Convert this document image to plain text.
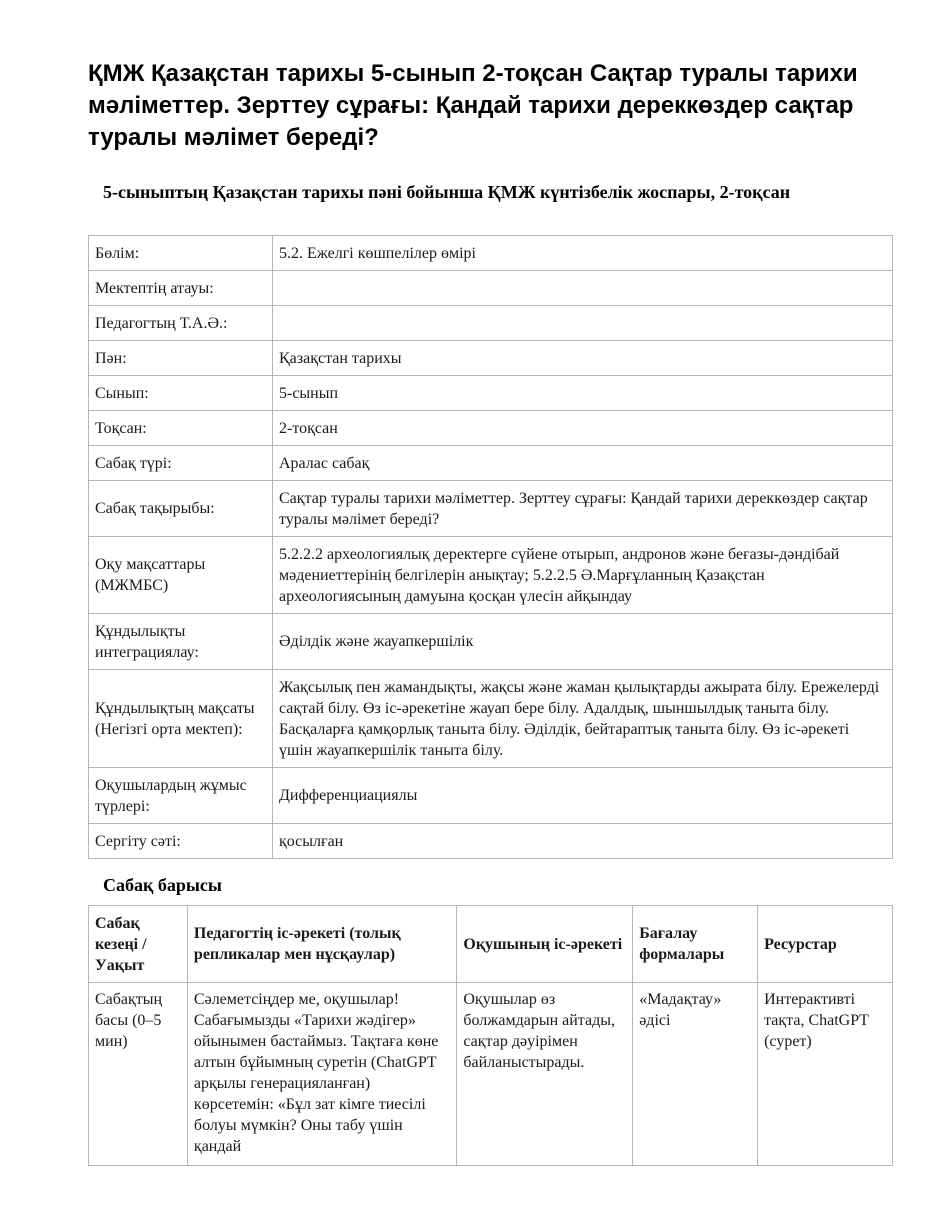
ҚМЖ Қазақстан тарихы 5-сынып 2-тоқсан Сақтар туралы тарихи мәліметтер. Зерттеу сұрағы: Қандай тарихи дереккөздер сақтар туралы мәлімет береді?
5-сыныптың Қазақстан тарихы пәні бойынша ҚМЖ күнтізбелік жоспары, 2-тоқсан
Бөлім:	5.2. Ежелгі көшпелілер өмірі
Мектептің атауы:	
Педагогтың Т.А.Ә.:	
Пән:	Қазақстан тарихы
Сынып:	5-сынып
Тоқсан:	2-тоқсан
Сабақ түрі:	Аралас сабақ
Сабақ тақырыбы:	Сақтар туралы тарихи мәліметтер. Зерттеу сұрағы: Қандай тарихи дереккөздер сақтар туралы мәлімет береді?
Оқу мақсаттары (МЖМБС)	5.2.2.2 археологиялық деректерге сүйене отырып, андронов және беғазы-дәндібай мәдениеттерінің белгілерін анықтау; 5.2.2.5 Ә.Марғұланның Қазақстан археологиясының дамуына қосқан үлесін айқындау
Құндылықты интеграциялау:	Әділдік және жауапкершілік
Құндылықтың мақсаты (Негізгі орта мектеп):	Жақсылық пен жамандықты, жақсы және жаман қылықтарды ажырата білу. Ережелерді сақтай білу. Өз іс-әрекетіне жауап бере білу. Адалдық, шыншылдық таныта білу. Басқаларға қамқорлық таныта білу. Әділдік, бейтараптық таныта білу. Өз іс-әрекеті үшін жауапкершілік таныта білу.
Оқушылардың жұмыс түрлері:	Дифференциациялы
Сергіту сәті:	қосылған
Сабақ барысы
Сабақ кезеңі / Уақыт	Педагогтің іс-әрекеті (толық репликалар мен нұсқаулар)	Оқушының іс-әрекеті	Бағалау формалары	Ресурстар
Сабақтың басы (0–5 мин)	Сәлеметсіңдер ме, оқушылар! Сабағымызды «Тарихи жәдігер» ойынымен бастаймыз. Тақтаға көне алтын бұйымның суретін (ChatGPT арқылы генерацияланған) көрсетемін: «Бұл зат кімге тиесілі болуы мүмкін? Оны табу үшін қандай	Оқушылар өз болжамдарын айтады, сақтар дәуірімен байланыстырады.	«Мадақтау» әдісі	Интерактивті тақта, ChatGPT (сурет)
